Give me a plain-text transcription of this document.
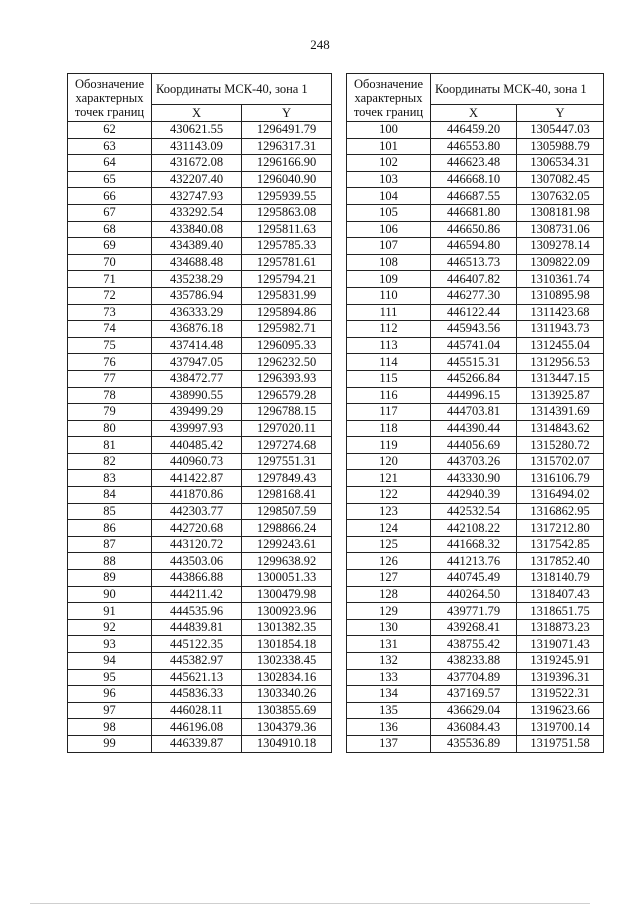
248
Обозначение характерных точек границ	Координаты МСК-40, зона 1	
	X	Y
62	430621.55	1296491.79
63	431143.09	1296317.31
64	431672.08	1296166.90
65	432207.40	1296040.90
66	432747.93	1295939.55
67	433292.54	1295863.08
68	433840.08	1295811.63
69	434389.40	1295785.33
70	434688.48	1295781.61
71	435238.29	1295794.21
72	435786.94	1295831.99
73	436333.29	1295894.86
74	436876.18	1295982.71
75	437414.48	1296095.33
76	437947.05	1296232.50
77	438472.77	1296393.93
78	438990.55	1296579.28
79	439499.29	1296788.15
80	439997.93	1297020.11
81	440485.42	1297274.68
82	440960.73	1297551.31
83	441422.87	1297849.43
84	441870.86	1298168.41
85	442303.77	1298507.59
86	442720.68	1298866.24
87	443120.72	1299243.61
88	443503.06	1299638.92
89	443866.88	1300051.33
90	444211.42	1300479.98
91	444535.96	1300923.96
92	444839.81	1301382.35
93	445122.35	1301854.18
94	445382.97	1302338.45
95	445621.13	1302834.16
96	445836.33	1303340.26
97	446028.11	1303855.69
98	446196.08	1304379.36
99	446339.87	1304910.18
Обозначение характерных точек границ	Координаты МСК-40, зона 1	
	X	Y
100	446459.20	1305447.03
101	446553.80	1305988.79
102	446623.48	1306534.31
103	446668.10	1307082.45
104	446687.55	1307632.05
105	446681.80	1308181.98
106	446650.86	1308731.06
107	446594.80	1309278.14
108	446513.73	1309822.09
109	446407.82	1310361.74
110	446277.30	1310895.98
111	446122.44	1311423.68
112	445943.56	1311943.73
113	445741.04	1312455.04
114	445515.31	1312956.53
115	445266.84	1313447.15
116	444996.15	1313925.87
117	444703.81	1314391.69
118	444390.44	1314843.62
119	444056.69	1315280.72
120	443703.26	1315702.07
121	443330.90	1316106.79
122	442940.39	1316494.02
123	442532.54	1316862.95
124	442108.22	1317212.80
125	441668.32	1317542.85
126	441213.76	1317852.40
127	440745.49	1318140.79
128	440264.50	1318407.43
129	439771.79	1318651.75
130	439268.41	1318873.23
131	438755.42	1319071.43
132	438233.88	1319245.91
133	437704.89	1319396.31
134	437169.57	1319522.31
135	436629.04	1319623.66
136	436084.43	1319700.14
137	435536.89	1319751.58
